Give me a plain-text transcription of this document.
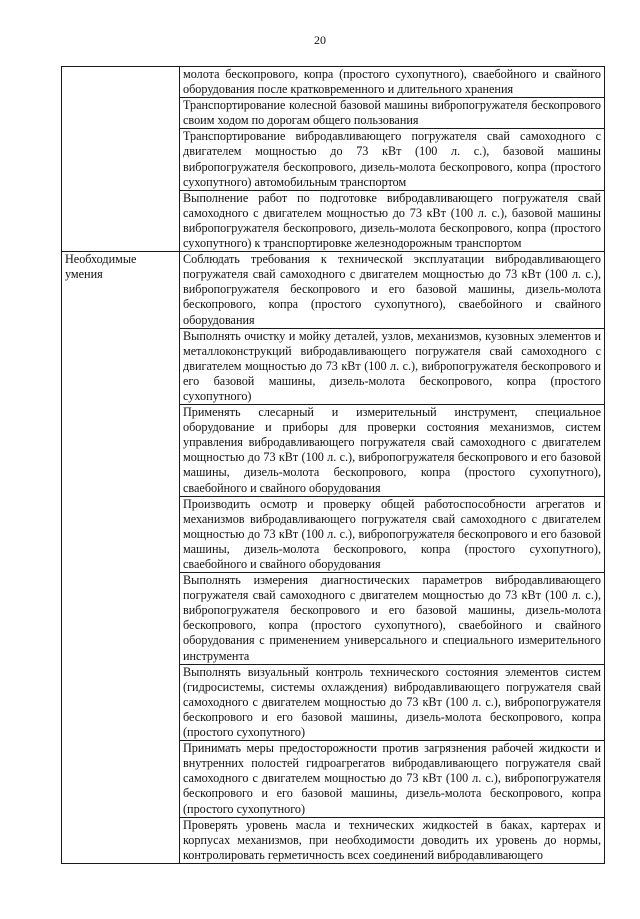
20

	молота бескопрового, копра (простого сухопутного), сваебойного и свайного оборудования после кратковременного и длительного хранения

	Транспортирование колесной базовой машины вибропогружателя бескопрового своим ходом по дорогам общего пользования

	Транспортирование вибродавливающего погружателя свай самоходного с двигателем мощностью до 73 кВт (100 л. с.), базовой машины вибропогружателя бескопрового, дизель-молота бескопрового, копра (простого сухопутного) автомобильным транспортом

	Выполнение работ по подготовке вибродавливающего погружателя свай самоходного с двигателем мощностью до 73 кВт (100 л. с.), базовой машины вибропогружателя бескопрового, дизель-молота бескопрового, копра (простого сухопутного) к транспортировке железнодорожным транспортом

Необходимые умения	Соблюдать требования к технической эксплуатации вибродавливающего погружателя свай самоходного с двигателем мощностью до 73 кВт (100 л. с.), вибропогружателя бескопрового и его базовой машины, дизель-молота бескопрового, копра (простого сухопутного), сваебойного и свайного оборудования

	Выполнять очистку и мойку деталей, узлов, механизмов, кузовных элементов и металлоконструкций вибродавливающего погружателя свай самоходного с двигателем мощностью до 73 кВт (100 л. с.), вибропогружателя бескопрового и его базовой машины, дизель-молота бескопрового, копра (простого сухопутного)

	Применять слесарный и измерительный инструмент, специальное оборудование и приборы для проверки состояния механизмов, систем управления вибродавливающего погружателя свай самоходного с двигателем мощностью до 73 кВт (100 л. с.), вибропогружателя бескопрового и его базовой машины, дизель-молота бескопрового, копра (простого сухопутного), сваебойного и свайного оборудования

	Производить осмотр и проверку общей работоспособности агрегатов и механизмов вибродавливающего погружателя свай самоходного с двигателем мощностью до 73 кВт (100 л. с.), вибропогружателя бескопрового и его базовой машины, дизель-молота бескопрового, копра (простого сухопутного), сваебойного и свайного оборудования

	Выполнять измерения диагностических параметров вибродавливающего погружателя свай самоходного с двигателем мощностью до 73 кВт (100 л. с.), вибропогружателя бескопрового и его базовой машины, дизель-молота бескопрового, копра (простого сухопутного), сваебойного и свайного оборудования с применением универсального и специального измерительного инструмента

	Выполнять визуальный контроль технического состояния элементов систем (гидросистемы, системы охлаждения) вибродавливающего погружателя свай самоходного с двигателем мощностью до 73 кВт (100 л. с.), вибропогружателя бескопрового и его базовой машины, дизель-молота бескопрового, копра (простого сухопутного)

	Принимать меры предосторожности против загрязнения рабочей жидкости и внутренних полостей гидроагрегатов вибродавливающего погружателя свай самоходного с двигателем мощностью до 73 кВт (100 л. с.), вибропогружателя бескопрового и его базовой машины, дизель-молота бескопрового, копра (простого сухопутного)

	Проверять уровень масла и технических жидкостей в баках, картерах и корпусах механизмов, при необходимости доводить их уровень до нормы, контролировать герметичность всех соединений вибродавливающего
